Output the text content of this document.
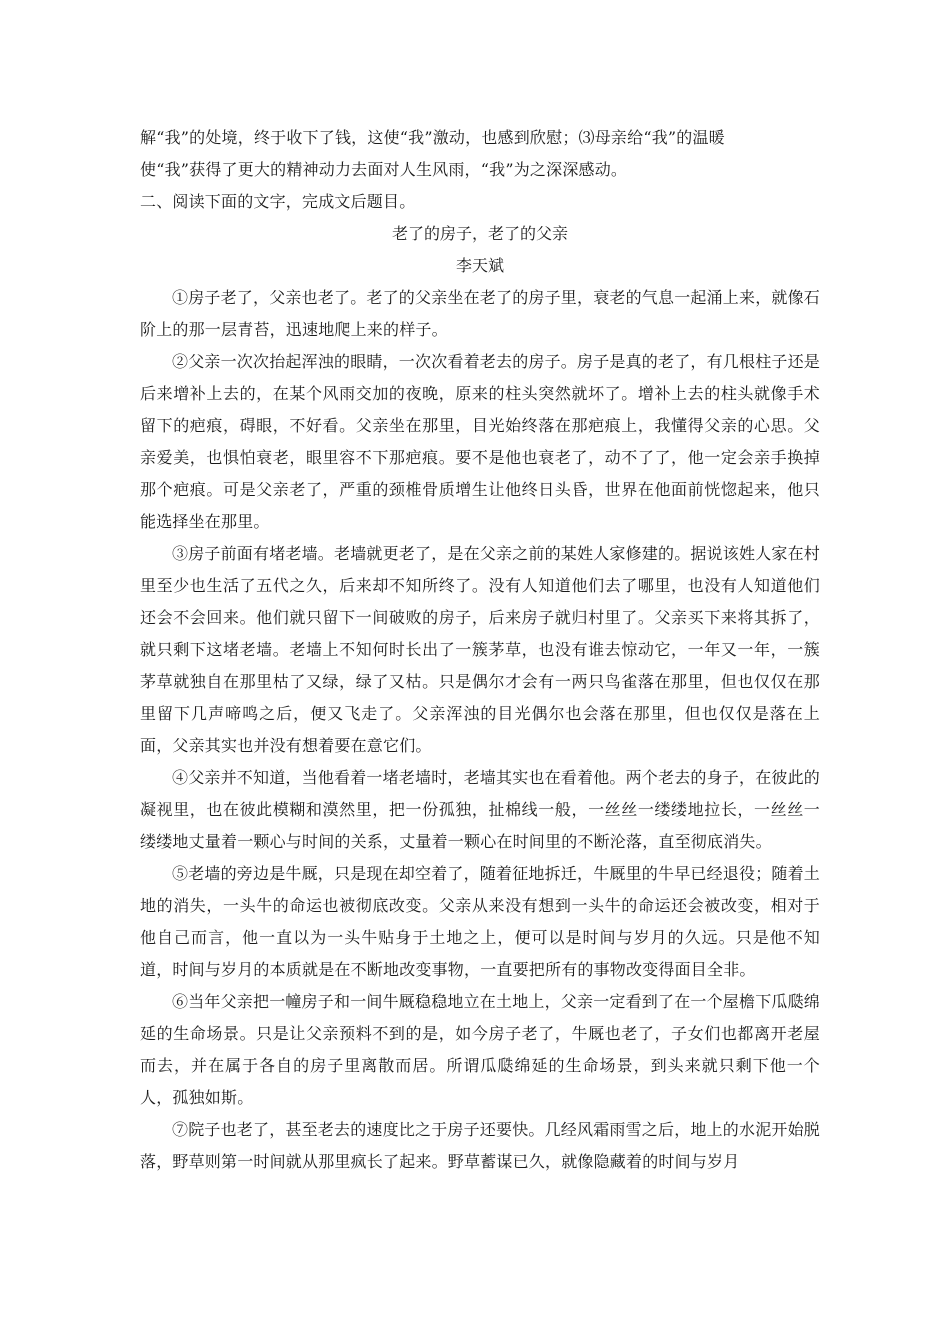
解“我”的处境，终于收下了钱，这使“我”激动，也感到欣慰；⑶母亲给“我”的温暖
使“我”获得了更大的精神动力去面对人生风雨，“我”为之深深感动。
二、阅读下面的文字，完成文后题目。
老了的房子，老了的父亲
李天斌

①房子老了，父亲也老了。老了的父亲坐在老了的房子里，衰老的气息一起涌上来，就像石阶上的那一层青苔，迅速地爬上来的样子。

②父亲一次次抬起浑浊的眼睛，一次次看着老去的房子。房子是真的老了，有几根柱子还是后来增补上去的，在某个风雨交加的夜晚，原来的柱头突然就坏了。增补上去的柱头就像手术留下的疤痕，碍眼，不好看。父亲坐在那里，目光始终落在那疤痕上，我懂得父亲的心思。父亲爱美，也惧怕衰老，眼里容不下那疤痕。要不是他也衰老了，动不了了，他一定会亲手换掉那个疤痕。可是父亲老了，严重的颈椎骨质增生让他终日头昏，世界在他面前恍惚起来，他只能选择坐在那里。

③房子前面有堵老墙。老墙就更老了，是在父亲之前的某姓人家修建的。据说该姓人家在村里至少也生活了五代之久，后来却不知所终了。没有人知道他们去了哪里，也没有人知道他们还会不会回来。他们就只留下一间破败的房子，后来房子就归村里了。父亲买下来将其拆了，就只剩下这堵老墙。老墙上不知何时长出了一簇茅草，也没有谁去惊动它，一年又一年，一簇茅草就独自在那里枯了又绿，绿了又枯。只是偶尔才会有一两只鸟雀落在那里，但也仅仅在那里留下几声啼鸣之后，便又飞走了。父亲浑浊的目光偶尔也会落在那里，但也仅仅是落在上面，父亲其实也并没有想着要在意它们。

④父亲并不知道，当他看着一堵老墙时，老墙其实也在看着他。两个老去的身子，在彼此的凝视里，也在彼此模糊和漠然里，把一份孤独，扯棉线一般，一丝丝一缕缕地拉长，一丝丝一缕缕地丈量着一颗心与时间的关系，丈量着一颗心在时间里的不断沦落，直至彻底消失。

⑤老墙的旁边是牛厩，只是现在却空着了，随着征地拆迁，牛厩里的牛早已经退役；随着土地的消失，一头牛的命运也被彻底改变。父亲从来没有想到一头牛的命运还会被改变，相对于他自己而言，他一直以为一头牛贴身于土地之上，便可以是时间与岁月的久远。只是他不知道，时间与岁月的本质就是在不断地改变事物，一直要把所有的事物改变得面目全非。

⑥当年父亲把一幢房子和一间牛厩稳稳地立在土地上，父亲一定看到了在一个屋檐下瓜瓞绵延的生命场景。只是让父亲预料不到的是，如今房子老了，牛厩也老了，子女们也都离开老屋而去，并在属于各自的房子里离散而居。所谓瓜瓞绵延的生命场景，到头来就只剩下他一个人，孤独如斯。

⑦院子也老了，甚至老去的速度比之于房子还要快。几经风霜雨雪之后，地上的水泥开始脱落，野草则第一时间就从那里疯长了起来。野草蓄谋已久，就像隐藏着的时间与岁月
